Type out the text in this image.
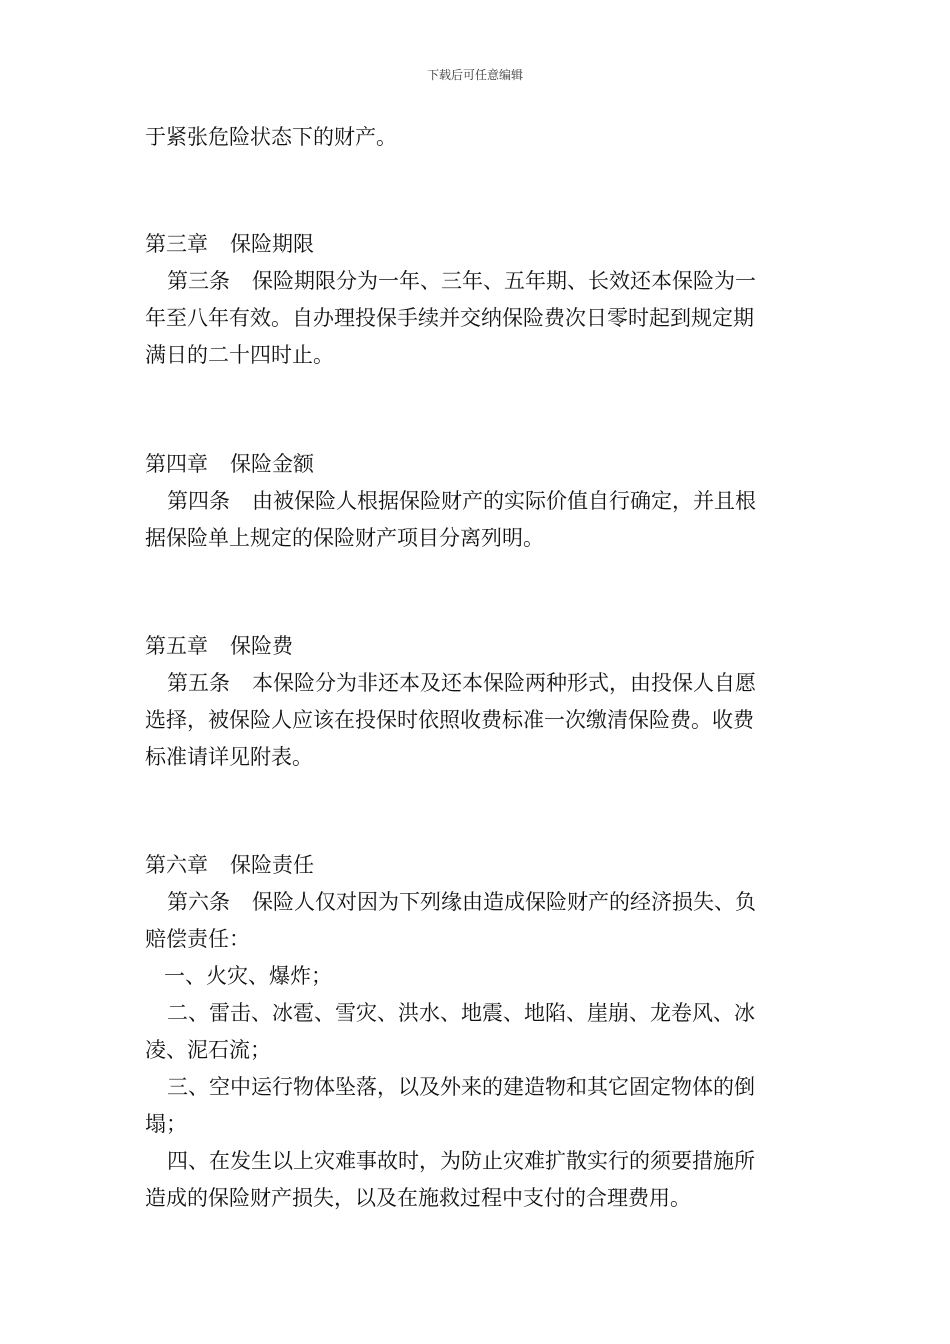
下载后可任意编辑
于紧张危险状态下的财产。
第三章 保险期限
第三条 保险期限分为一年、三年、五年期、长效还本保险为一
年至八年有效。自办理投保手续并交纳保险费次日零时起到规定期
满日的二十四时止。
第四章 保险金额
第四条 由被保险人根据保险财产的实际价值自行确定，并且根
据保险单上规定的保险财产项目分离列明。
第五章 保险费
第五条 本保险分为非还本及还本保险两种形式，由投保人自愿
选择，被保险人应该在投保时依照收费标准一次缴清保险费。收费
标准请详见附表。
第六章 保险责任
第六条 保险人仅对因为下列缘由造成保险财产的经济损失、负
赔偿责任：
一、火灾、爆炸；
二、雷击、冰雹、雪灾、洪水、地震、地陷、崖崩、龙卷风、冰
凌、泥石流；
三、空中运行物体坠落，以及外来的建造物和其它固定物体的倒
塌；
四、在发生以上灾难事故时，为防止灾难扩散实行的须要措施所
造成的保险财产损失，以及在施救过程中支付的合理费用。
